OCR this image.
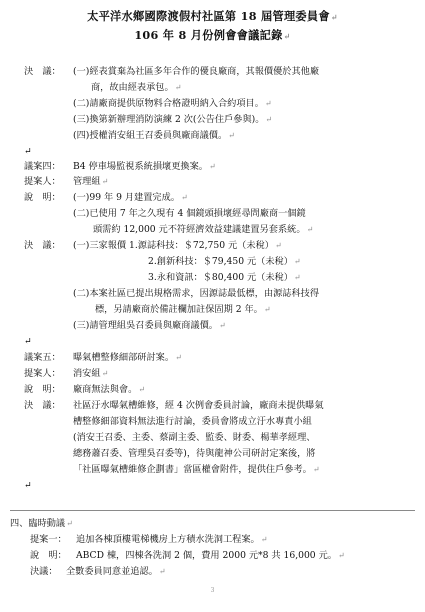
太平洋水鄉國際渡假村社區第 18 屆管理委員會↵
106 年 8 月份例會會議記錄↵
決　議： (一)經表賞棄為社區多年合作的優良廠商，其報價優於其他廠
商，故由經表承包。↵
(二)請廠商提供原物料合格證明納入合約項目。↵
(三)換第新辦理消防演練 2 次(公告住戶參與)。↵
(四)授權消安組王召委員與廠商議價。↵
↵
議案四： B4 停車場監視系統損壞更換案。↵
提案人： 管理組↵
說　明： (一)99 年 9 月建置完成。↵
(二)已使用 7 年之久現有 4 個鏡頭損壞經尋問廠商一個鏡
頭需約 12,000 元不符經濟效益建議建置另套系統。↵
決　議： (一)三家報價 1.源誌科技：＄72,750 元（未稅）↵
2.創新科技：＄79,450 元（未稅）↵
3.永和資訊：＄80,400 元（未稅）↵
(二)本案社區已提出規格需求，因源誌最低標，由源誌科技得
標，另請廠商於備註欄加註保固期 2 年。↵
(三)請管理組吳召委員與廠商議價。↵
↵
議案五： 曝氣槽整修細部研討案。↵
提案人： 消安組↵
說　明： 廠商無法與會。↵
決　議： 社區汙水曝氣槽維修，經 4 次例會委員討論，廠商未提供曝氣
槽整修細部資料無法進行討論，委員會將成立汙水專責小組
(消安王召委、主委、蔡副主委、監委、財委、楊華孝經理、
總務蕭召委、管理吳召委等)，待與龍神公司研討定案後，將
「社區曝氣槽維修企劃書」當區權會附件，提供住戶參考。↵
↵
四、臨時動議↵
提案一： 追加各棟頂樓電梯機房上方積水洗洞工程案。↵
說　明： ABCD 棟，四棟各洗洞 2 個，費用 2000 元*8 共 16,000 元。↵
決議： 全數委員同意並追認。↵
3
